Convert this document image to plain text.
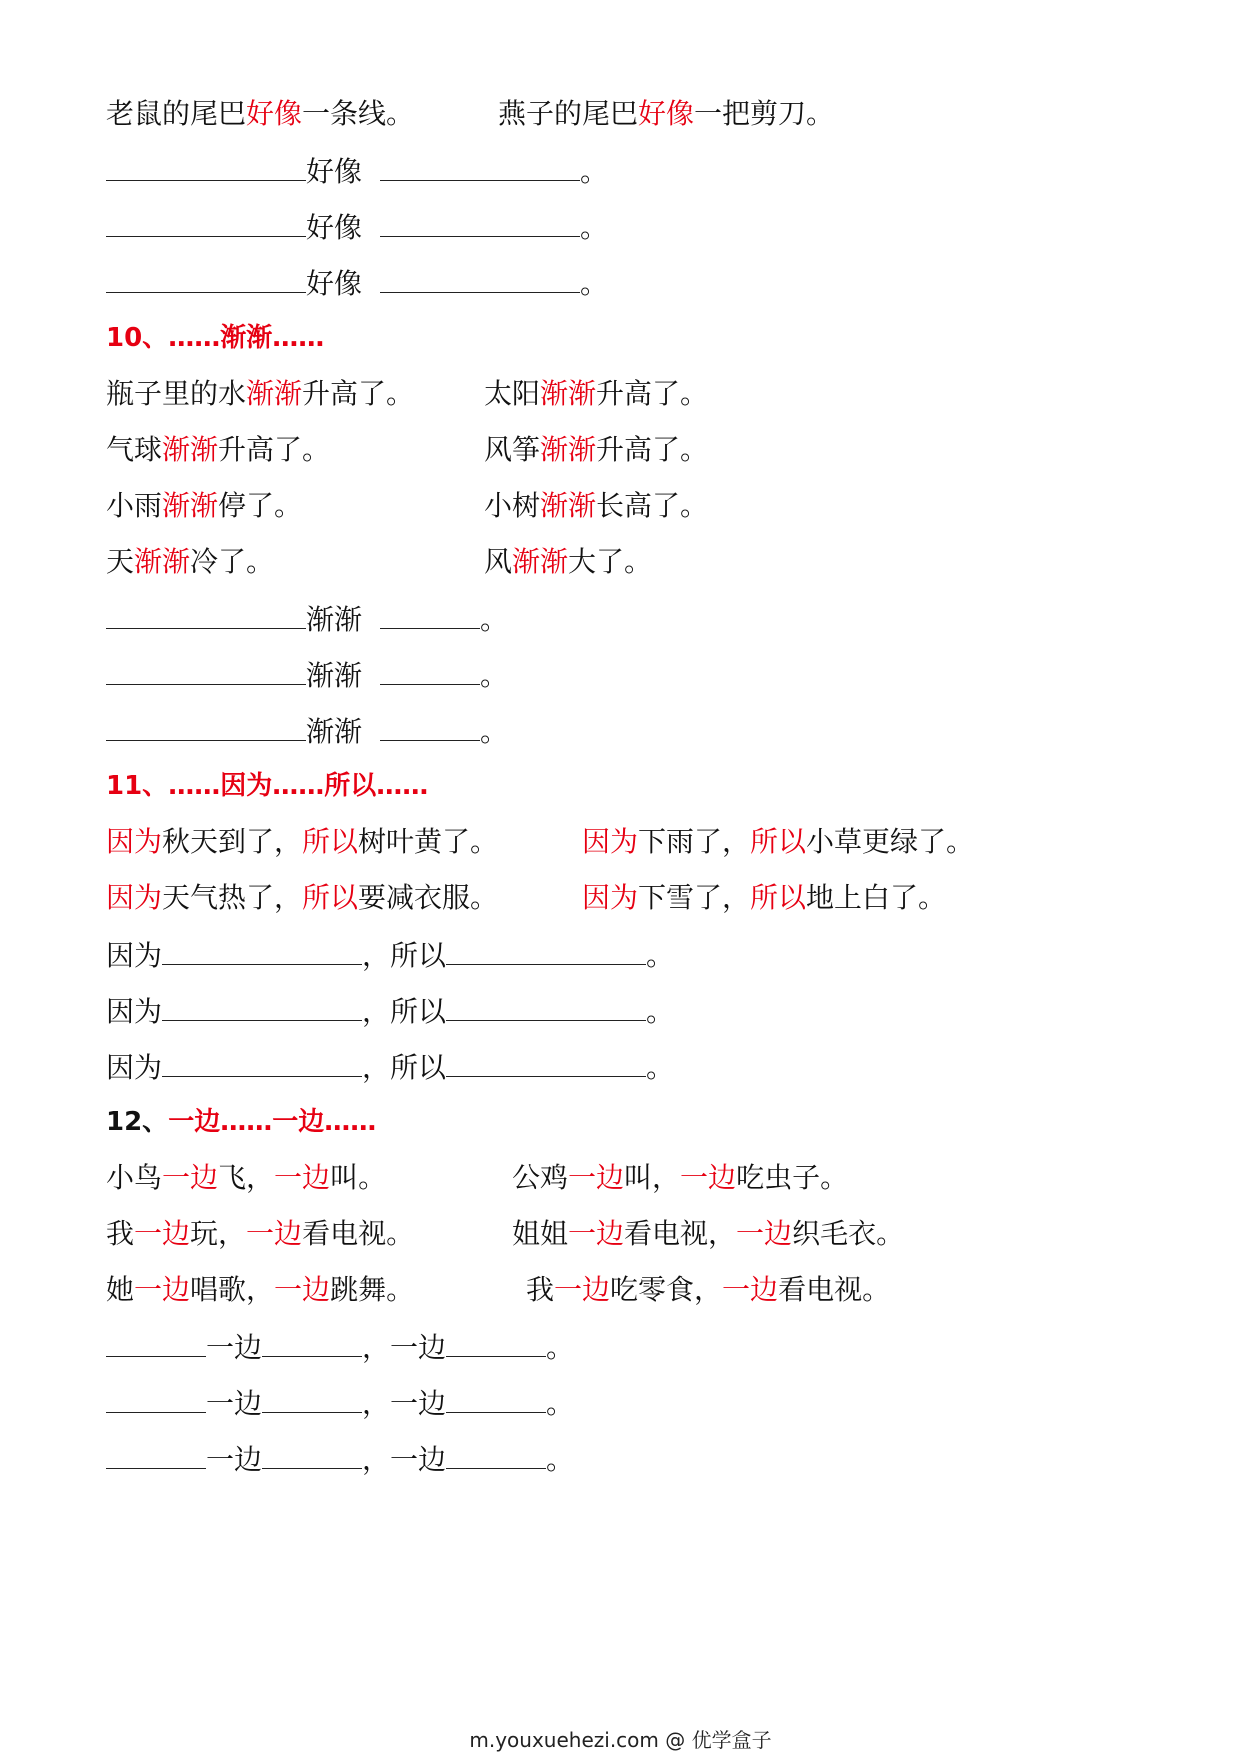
老鼠的尾巴好像一条线。	燕子的尾巴好像一把剪刀。
好像	。
好像	。
好像	。
10、……渐渐……
瓶子里的水渐渐升高了。 太阳渐渐升高了。
气球渐渐升高了。	风筝渐渐升高了。
小雨渐渐停了。	小树渐渐长高了。
天渐渐冷了。	风渐渐大了。
渐渐	。
渐渐	。
渐渐	。
11、……因为……所以……
因为秋天到了，所以树叶黄了。	因为下雨了，所以小草更绿了。
因为天气热了，所以要减衣服。	因为下雪了，所以地上白了。
因为	，所以	。
因为	，所以	。
因为	，所以	。
12、一边……一边……
小鸟一边飞，一边叫。	公鸡一边叫，一边吃虫子。
我一边玩，一边看电视。	姐姐一边看电视，一边织毛衣。
她一边唱歌，一边跳舞。	我一边吃零食，一边看电视。
一边	，一边	。
一边	，一边	。
一边	，一边	。
m.youxuehezi.com @ 优学盒子
